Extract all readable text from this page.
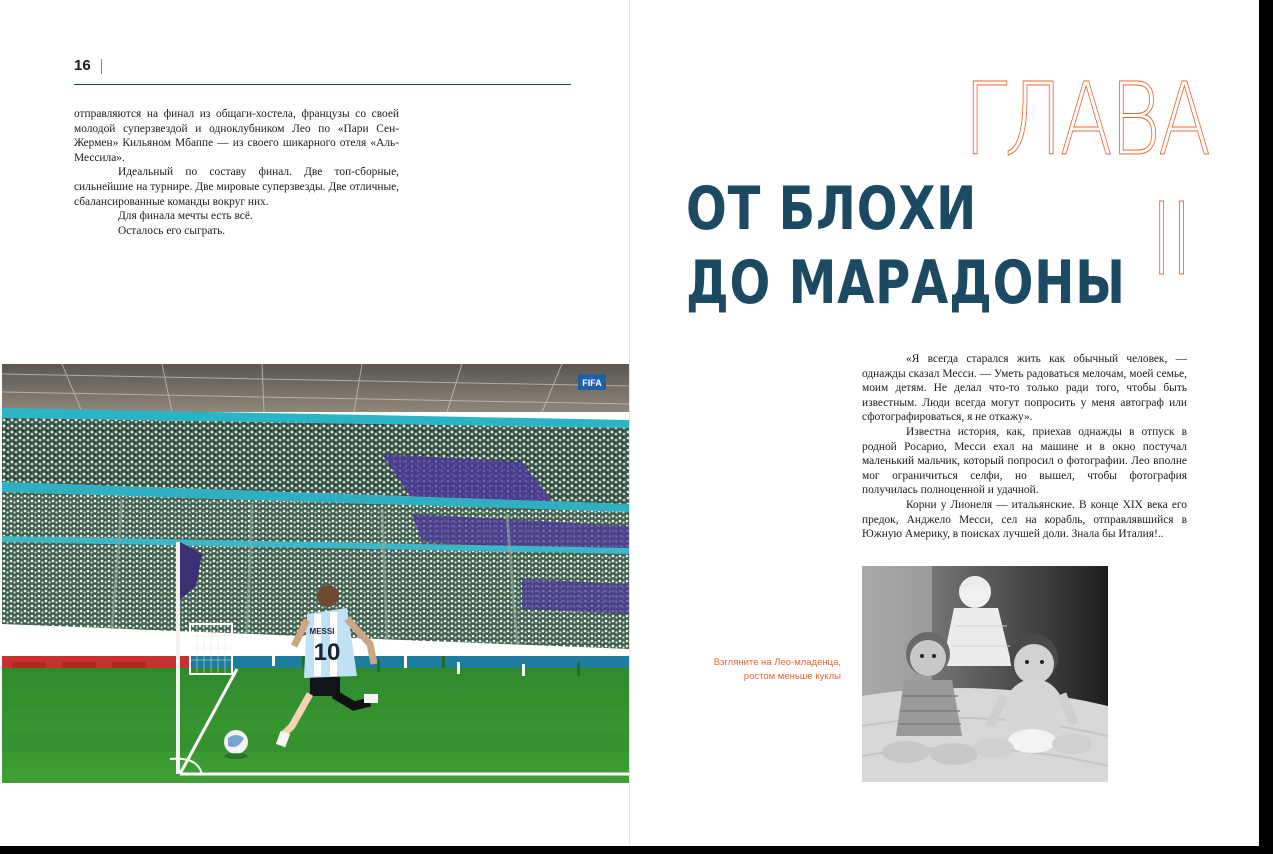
16

отправляются на финал из общаги-хостела, французы со своей молодой суперзвездой и одноклубником Лео по «Пари Сен-Жермен» Кильяном Мбаппе — из своего шикарного отеля «Аль-Мессила».

Идеальный по составу финал. Две топ-сборные, сильнейшие на турнире. Две мировые суперзвезды. Две отличные, сбалансированные команды вокруг них.

Для финала мечты есть всё.

Осталось его сыграть.

FIFA
MESSI
10
ГЛАВА II
ОТ БЛОХИ
ДО МАРАДОНЫ

«Я всегда старался жить как обычный человек, — однажды сказал Месси. — Уметь радоваться мелочам, моей семье, моим детям. Не делал что-то только ради того, чтобы быть известным. Люди всегда могут попросить у меня автограф или сфотографироваться, я не откажу».

Известна история, как, приехав однажды в отпуск в родной Росарио, Месси ехал на машине и в окно постучал маленький мальчик, который попросил о фотографии. Лео вполне мог ограничиться селфи, но вышел, чтобы фотография получилась полноценной и удачной.

Корни у Лионеля — итальянские. В конце XIX века его предок, Анджело Месси, сел на корабль, отправлявшийся в Южную Америку, в поисках лучшей доли. Знала бы Италия!..

Взгляните на Лео-младенца,
ростом меньше куклы
